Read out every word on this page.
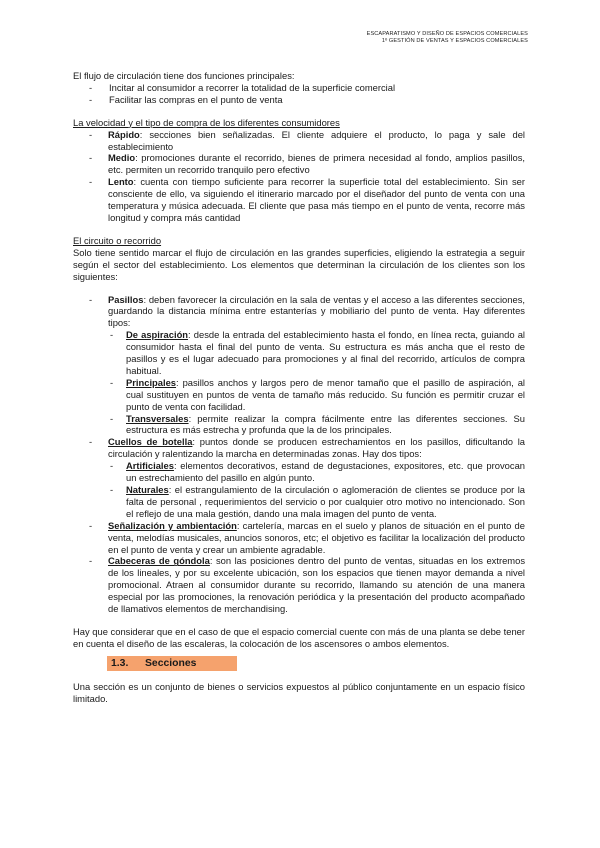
ESCAPARATISMO Y DISEÑO DE ESPACIOS COMERCIALES
1º GESTIÓN DE VENTAS Y ESPACIOS COMERCIALES

El flujo de circulación tiene dos funciones principales:

- Incitar al consumidor a recorrer la totalidad de la superficie comercial
- Facilitar las compras en el punto de venta

La velocidad y el tipo de compra de los diferentes consumidores

- Rápido: secciones bien señalizadas. El cliente adquiere el producto, lo paga y sale del establecimiento
- Medio: promociones durante el recorrido, bienes de primera necesidad al fondo, amplios pasillos, etc. permiten un recorrido tranquilo pero efectivo
- Lento: cuenta con tiempo suficiente para recorrer la superficie total del establecimiento. Sin ser consciente de ello, va siguiendo el itinerario marcado por el diseñador del punto de venta con una temperatura y música adecuada. El cliente que pasa más tiempo en el punto de venta, recorre más longitud y compra más cantidad

El circuito o recorrido

Solo tiene sentido marcar el flujo de circulación en las grandes superficies, eligiendo la estrategia a seguir según el sector del establecimiento. Los elementos que determinan la circulación de los clientes son los siguientes:

- Pasillos: deben favorecer la circulación en la sala de ventas y el acceso a las diferentes secciones, guardando la distancia mínima entre estanterías y mobiliario del punto de venta. Hay diferentes tipos:
- De aspiración: desde la entrada del establecimiento hasta el fondo, en línea recta, guiando al consumidor hasta el final del punto de venta. Su estructura es más ancha que el resto de pasillos y es el lugar adecuado para promociones y al final del recorrido, artículos de compra habitual.
- Principales: pasillos anchos y largos pero de menor tamaño que el pasillo de aspiración, al cual sustituyen en puntos de venta de tamaño más reducido. Su función es permitir cruzar el punto de venta con facilidad.
- Transversales: permite realizar la compra fácilmente entre las diferentes secciones. Su estructura es más estrecha y profunda que la de los principales.
- Cuellos de botella: puntos donde se producen estrechamientos en los pasillos, dificultando la circulación y ralentizando la marcha en determinadas zonas. Hay dos tipos:
- Artificiales: elementos decorativos, estand de degustaciones, expositores, etc. que provocan un estrechamiento del pasillo en algún punto.
- Naturales: el estrangulamiento de la circulación o aglomeración de clientes se produce por la falta de personal , requerimientos del servicio o por cualquier otro motivo no intencionado. Son el reflejo de una mala gestión, dando una mala imagen del punto de venta.
- Señalización y ambientación: cartelería, marcas en el suelo y planos de situación en el punto de venta, melodías musicales, anuncios sonoros, etc; el objetivo es facilitar la localización del producto en el punto de venta y crear un ambiente agradable.
- Cabeceras de góndola: son las posiciones dentro del punto de ventas, situadas en los extremos de los lineales, y por su excelente ubicación, son los espacios que tienen mayor demanda a nivel promocional. Atraen al consumidor durante su recorrido, llamando su atención de una manera especial por las promociones, la renovación periódica y la presentación del producto acompañado de llamativos elementos de merchandising.

Hay que considerar que en el caso de que el espacio comercial cuente con más de una planta se debe tener en cuenta el diseño de las escaleras, la colocación de los ascensores o ambos elementos.

1.3. Secciones

Una sección es un conjunto de bienes o servicios expuestos al público conjuntamente en un espacio físico limitado.
